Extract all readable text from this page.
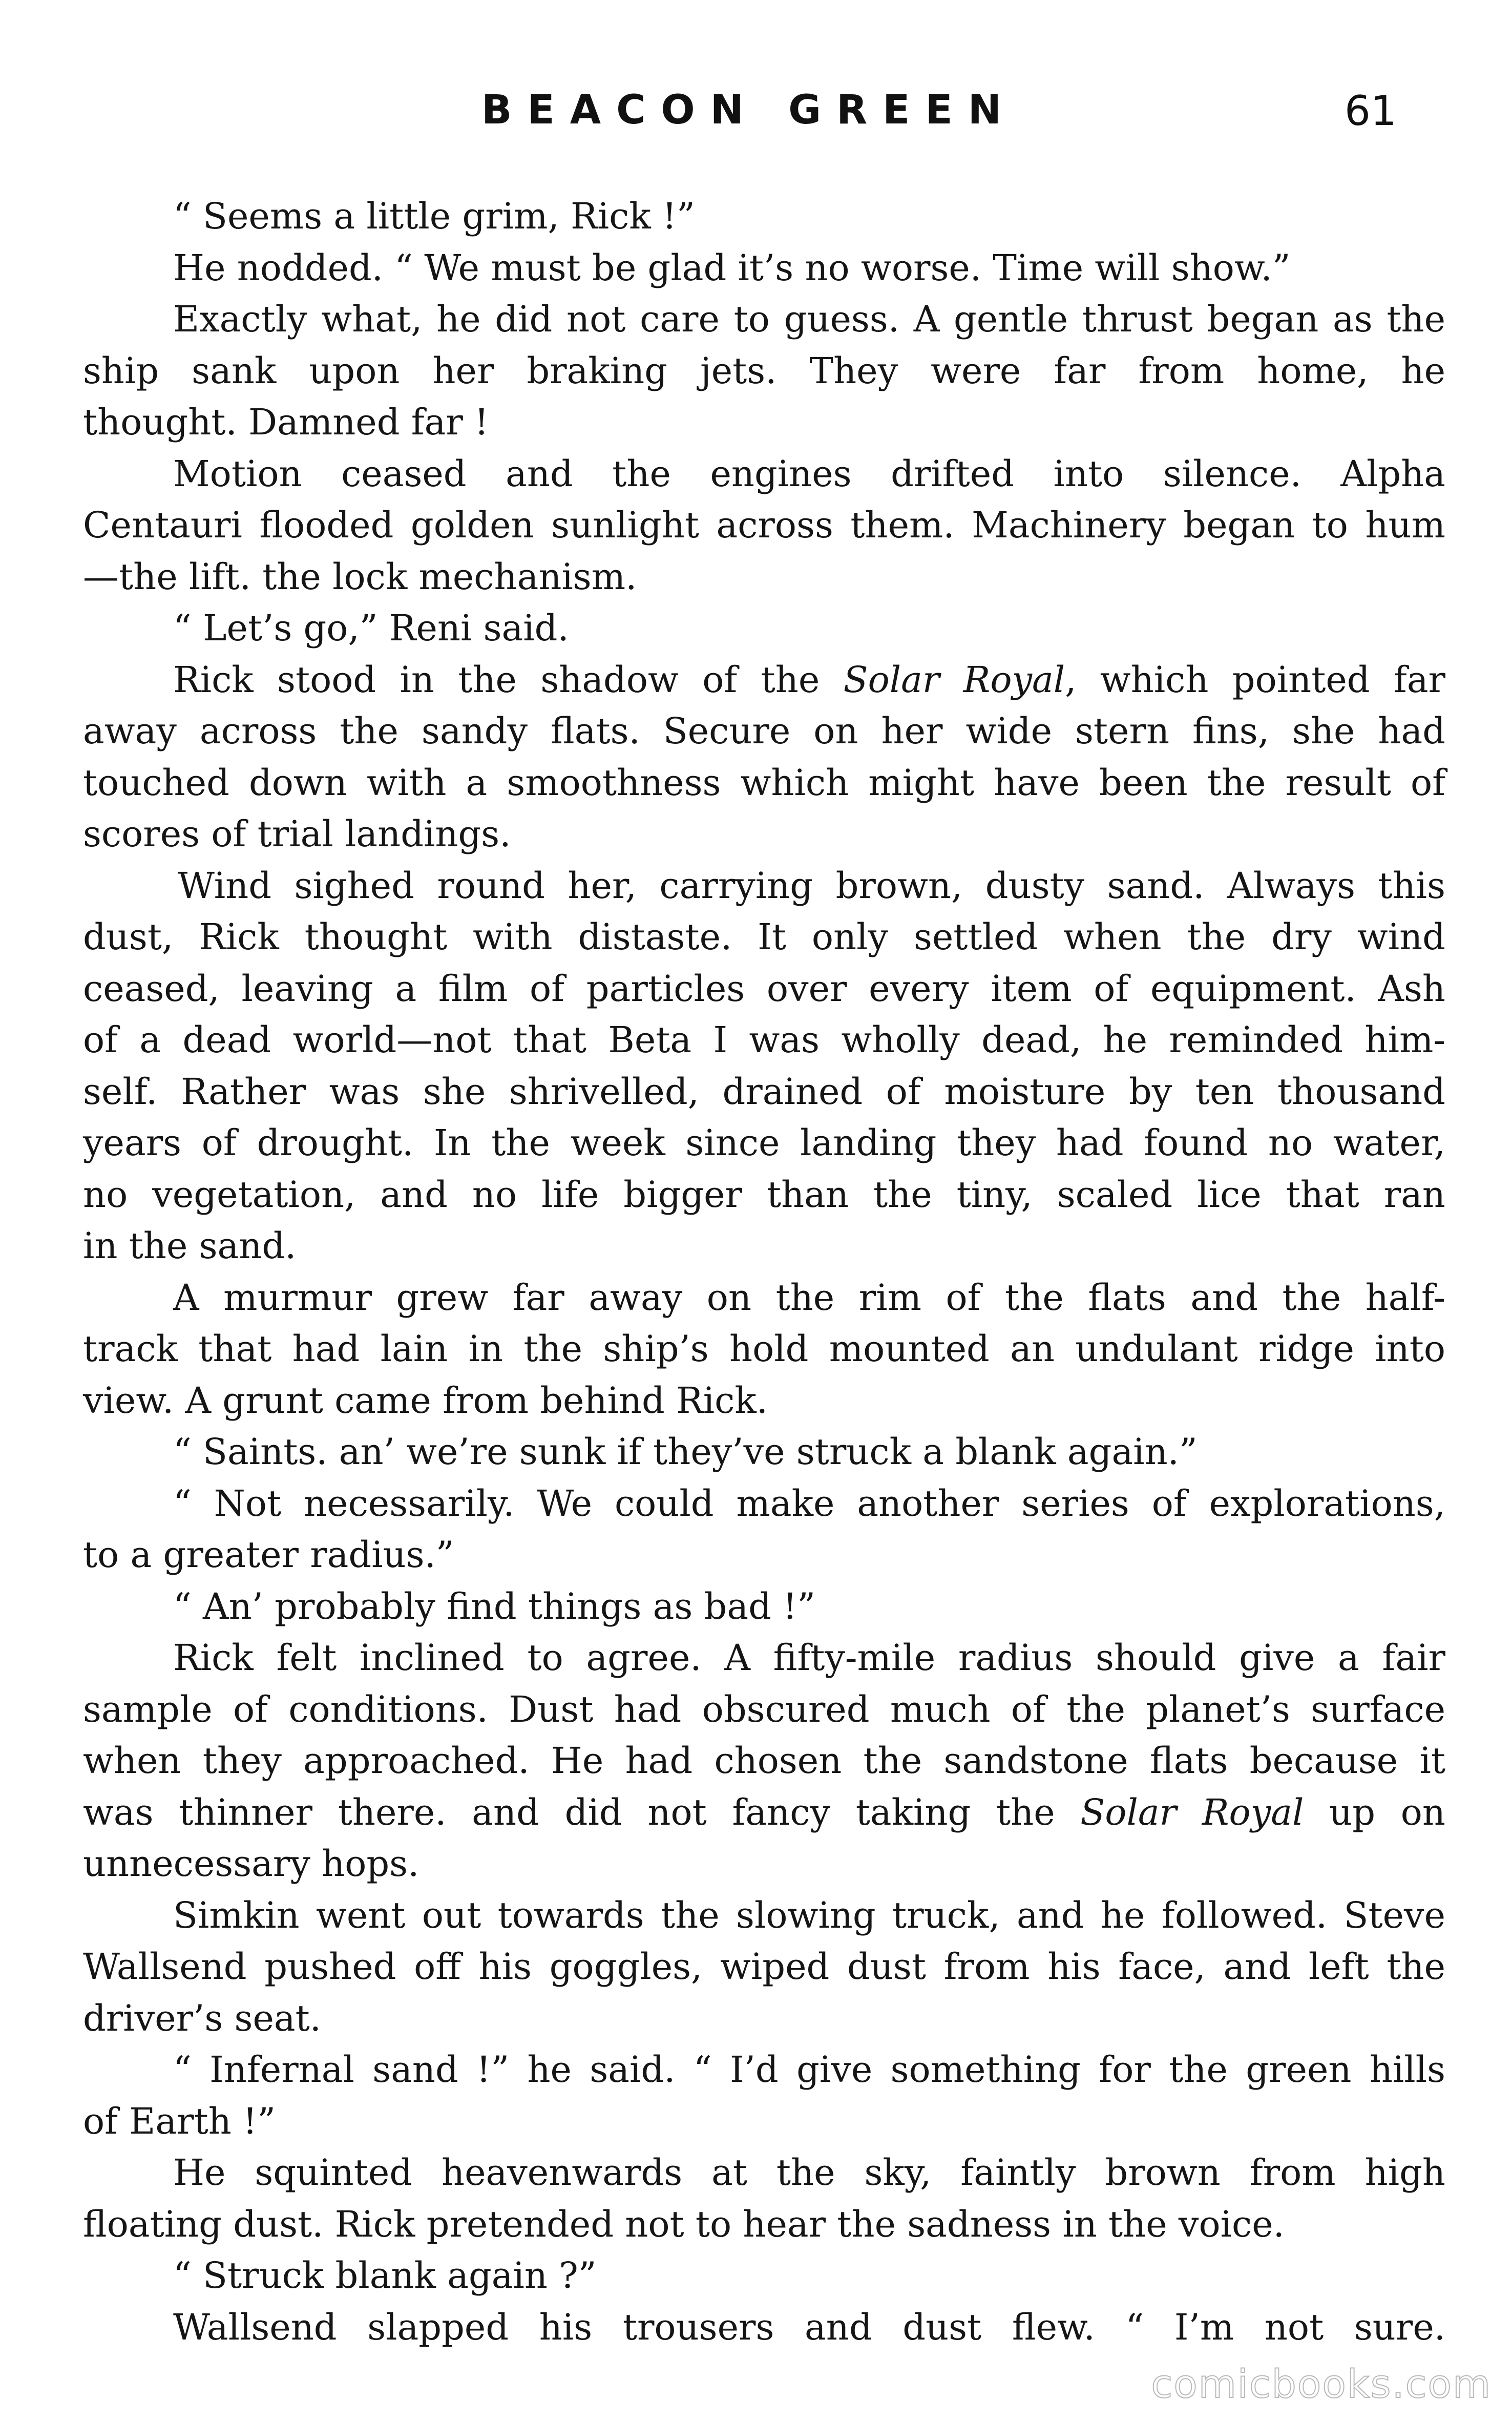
BEACON GREEN	61
“ Seems a little grim, Rick !”
He nodded. “ We must be glad it’s no worse. Time will show.”
Exactly what, he did not care to guess. A gentle thrust began as the
ship sank upon her braking jets. They were far from home, he
thought. Damned far !
Motion ceased and the engines drifted into silence. Alpha
Centauri flooded golden sunlight across them. Machinery began to hum
—the lift. the lock mechanism.
“ Let’s go,” Reni said.
Rick stood in the shadow of the Solar Royal, which pointed far
away across the sandy flats. Secure on her wide stern fins, she had
touched down with a smoothness which might have been the result of
scores of trial landings.
Wind sighed round her, carrying brown, dusty sand. Always this
dust, Rick thought with distaste. It only settled when the dry wind
ceased, leaving a film of particles over every item of equipment. Ash
of a dead world—not that Beta I was wholly dead, he reminded him-
self. Rather was she shrivelled, drained of moisture by ten thousand
years of drought. In the week since landing they had found no water,
no vegetation, and no life bigger than the tiny, scaled lice that ran
in the sand.
A murmur grew far away on the rim of the flats and the half-
track that had lain in the ship’s hold mounted an undulant ridge into
view. A grunt came from behind Rick.
“ Saints. an’ we’re sunk if they’ve struck a blank again.”
“ Not necessarily. We could make another series of explorations,
to a greater radius.”
“ An’ probably find things as bad !”
Rick felt inclined to agree. A fifty-mile radius should give a fair
sample of conditions. Dust had obscured much of the planet’s surface
when they approached. He had chosen the sandstone flats because it
was thinner there. and did not fancy taking the Solar Royal up on
unnecessary hops.
Simkin went out towards the slowing truck, and he followed. Steve
Wallsend pushed off his goggles, wiped dust from his face, and left the
driver’s seat.
“ Infernal sand !” he said. “ I’d give something for the green hills
of Earth !”
He squinted heavenwards at the sky, faintly brown from high
floating dust. Rick pretended not to hear the sadness in the voice.
“ Struck blank again ?”
Wallsend slapped his trousers and dust flew. “ I’m not sure.
comicbooks.com
